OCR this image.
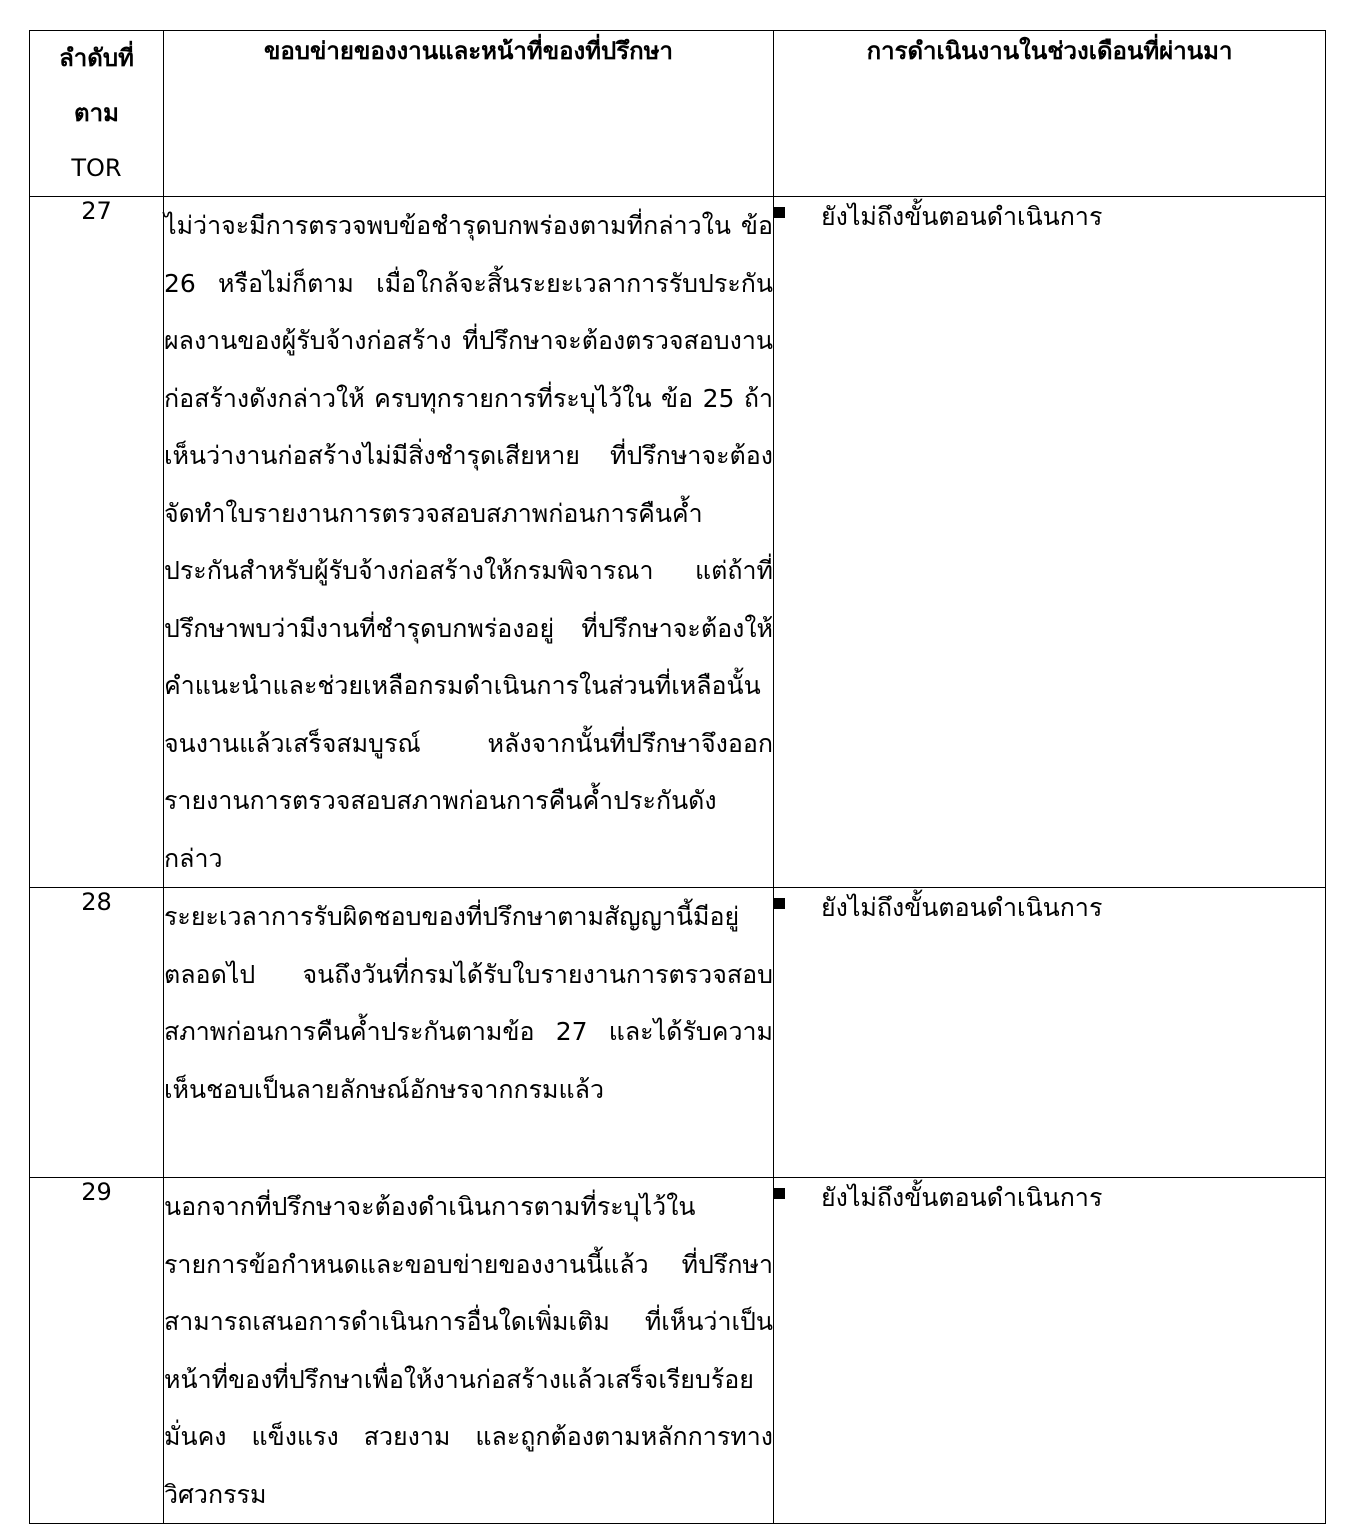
ลำดับที่
ตาม
TOR	ขอบข่ายของงานและหน้าที่ของที่ปรึกษา	การดำเนินงานในช่วงเดือนที่ผ่านมา
27	ไม่ว่าจะมีการตรวจพบข้อชำรุดบกพร่องตามที่กล่าวใน ข้อ 26 หรือไม่ก็ตาม เมื่อใกล้จะสิ้นระยะเวลาการรับประกันผลงานของผู้รับจ้างก่อสร้าง ที่ปรึกษาจะต้องตรวจสอบงานก่อสร้างดังกล่าวให้ ครบทุกรายการที่ระบุไว้ใน ข้อ 25 ถ้าเห็นว่างานก่อสร้างไม่มีสิ่งชำรุดเสียหาย ที่ปรึกษาจะต้องจัดทำใบรายงานการตรวจสอบสภาพก่อนการคืนค้ำประกันสำหรับผู้รับจ้างก่อสร้างให้กรมพิจารณา แต่ถ้าที่ปรึกษาพบว่ามีงานที่ชำรุดบกพร่องอยู่ ที่ปรึกษาจะต้องให้คำแนะนำและช่วยเหลือกรมดำเนินการในส่วนที่เหลือนั้นจนงานแล้วเสร็จสมบูรณ์ หลังจากนั้นที่ปรึกษาจึงออกรายงานการตรวจสอบสภาพก่อนการคืนค้ำประกันดังกล่าว	ยังไม่ถึงขั้นตอนดำเนินการ

28	ระยะเวลาการรับผิดชอบของที่ปรึกษาตามสัญญานี้มีอยู่ตลอดไป จนถึงวันที่กรมได้รับใบรายงานการตรวจสอบสภาพก่อนการคืนค้ำประกันตามข้อ 27 และได้รับความเห็นชอบเป็นลายลักษณ์อักษรจากกรมแล้ว	ยังไม่ถึงขั้นตอนดำเนินการ

29	นอกจากที่ปรึกษาจะต้องดำเนินการตามที่ระบุไว้ในรายการข้อกำหนดและขอบข่ายของงานนี้แล้ว ที่ปรึกษาสามารถเสนอการดำเนินการอื่นใดเพิ่มเติม ที่เห็นว่าเป็นหน้าที่ของที่ปรึกษาเพื่อให้งานก่อสร้างแล้วเสร็จเรียบร้อยมั่นคง แข็งแรง สวยงาม และถูกต้องตามหลักการทางวิศวกรรม	ยังไม่ถึงขั้นตอนดำเนินการ
